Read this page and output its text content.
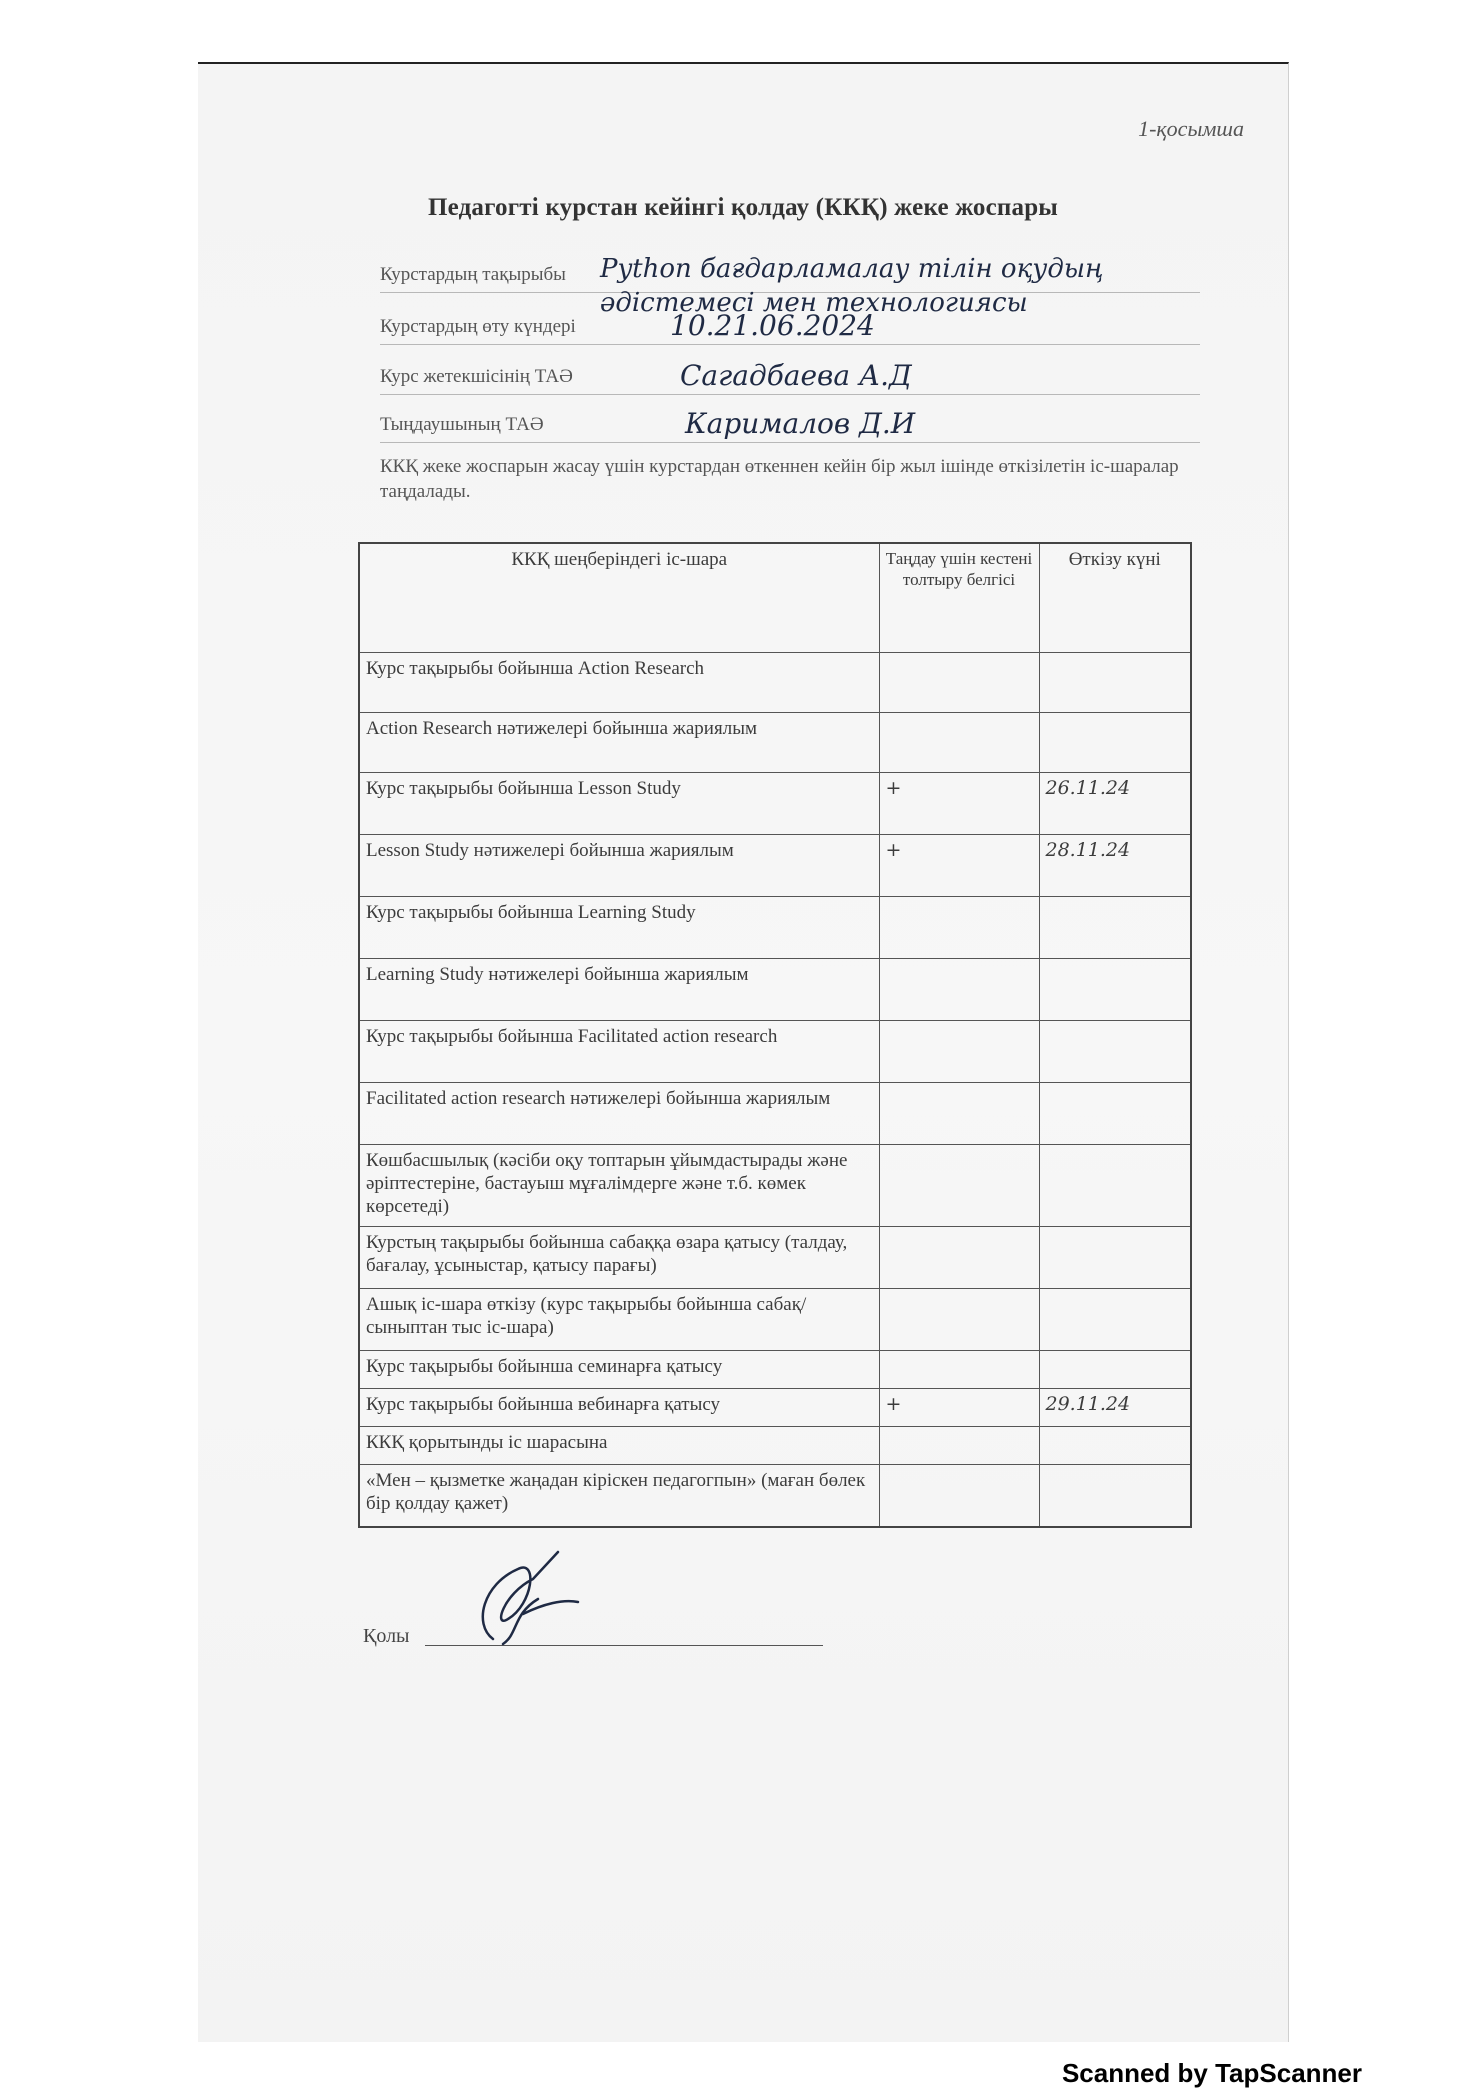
1-қосымша
Педагогті курстан кейінгі қолдау (ККҚ) жеке жоспары
Курстардың тақырыбы Python бағдарламалау тілін оқудың әдістемесі мен технологиясы
Курстардың өту күндері	10.21.06.2024
Курс жетекшісінің ТАӘ	Сагадбаева А.Д
Тыңдаушының ТАӘ	Карималов Д.И
ККҚ жеке жоспарын жасау үшін курстардан өткеннен кейін бір жыл ішінде өткізілетін іс-шаралар таңдалады.
ККҚ шеңберіндегі іс-шара	Таңдау үшін кестені толтыру белгісі	Өткізу күні
Курс тақырыбы бойынша Action Research		
Action Research нәтижелері бойынша жариялым		
Курс тақырыбы бойынша Lesson Study	+	26.11.24
Lesson Study нәтижелері бойынша жариялым	+	28.11.24
Курс тақырыбы бойынша Learning Study		
Learning Study нәтижелері бойынша жариялым		
Курс тақырыбы бойынша Facilitated action research		
Facilitated action research нәтижелері бойынша жариялым		
Көшбасшылық (кәсіби оқу топтарын ұйымдастырады және әріптестеріне, бастауыш мұғалімдерге және т.б. көмек көрсетеді)		
Курстың тақырыбы бойынша сабаққа өзара қатысу (талдау, бағалау, ұсыныстар, қатысу парағы)		
Ашық іс-шара өткізу (курс тақырыбы бойынша сабақ/сыныптан тыс іс-шара)		
Курс тақырыбы бойынша семинарға қатысу		
Курс тақырыбы бойынша вебинарға қатысу	+	29.11.24
ККҚ қорытынды іс шарасына		
«Мен – қызметке жаңадан кіріскен педагогпын» (маған бөлек бір қолдау қажет)		
Қолы
Scanned by TapScanner
